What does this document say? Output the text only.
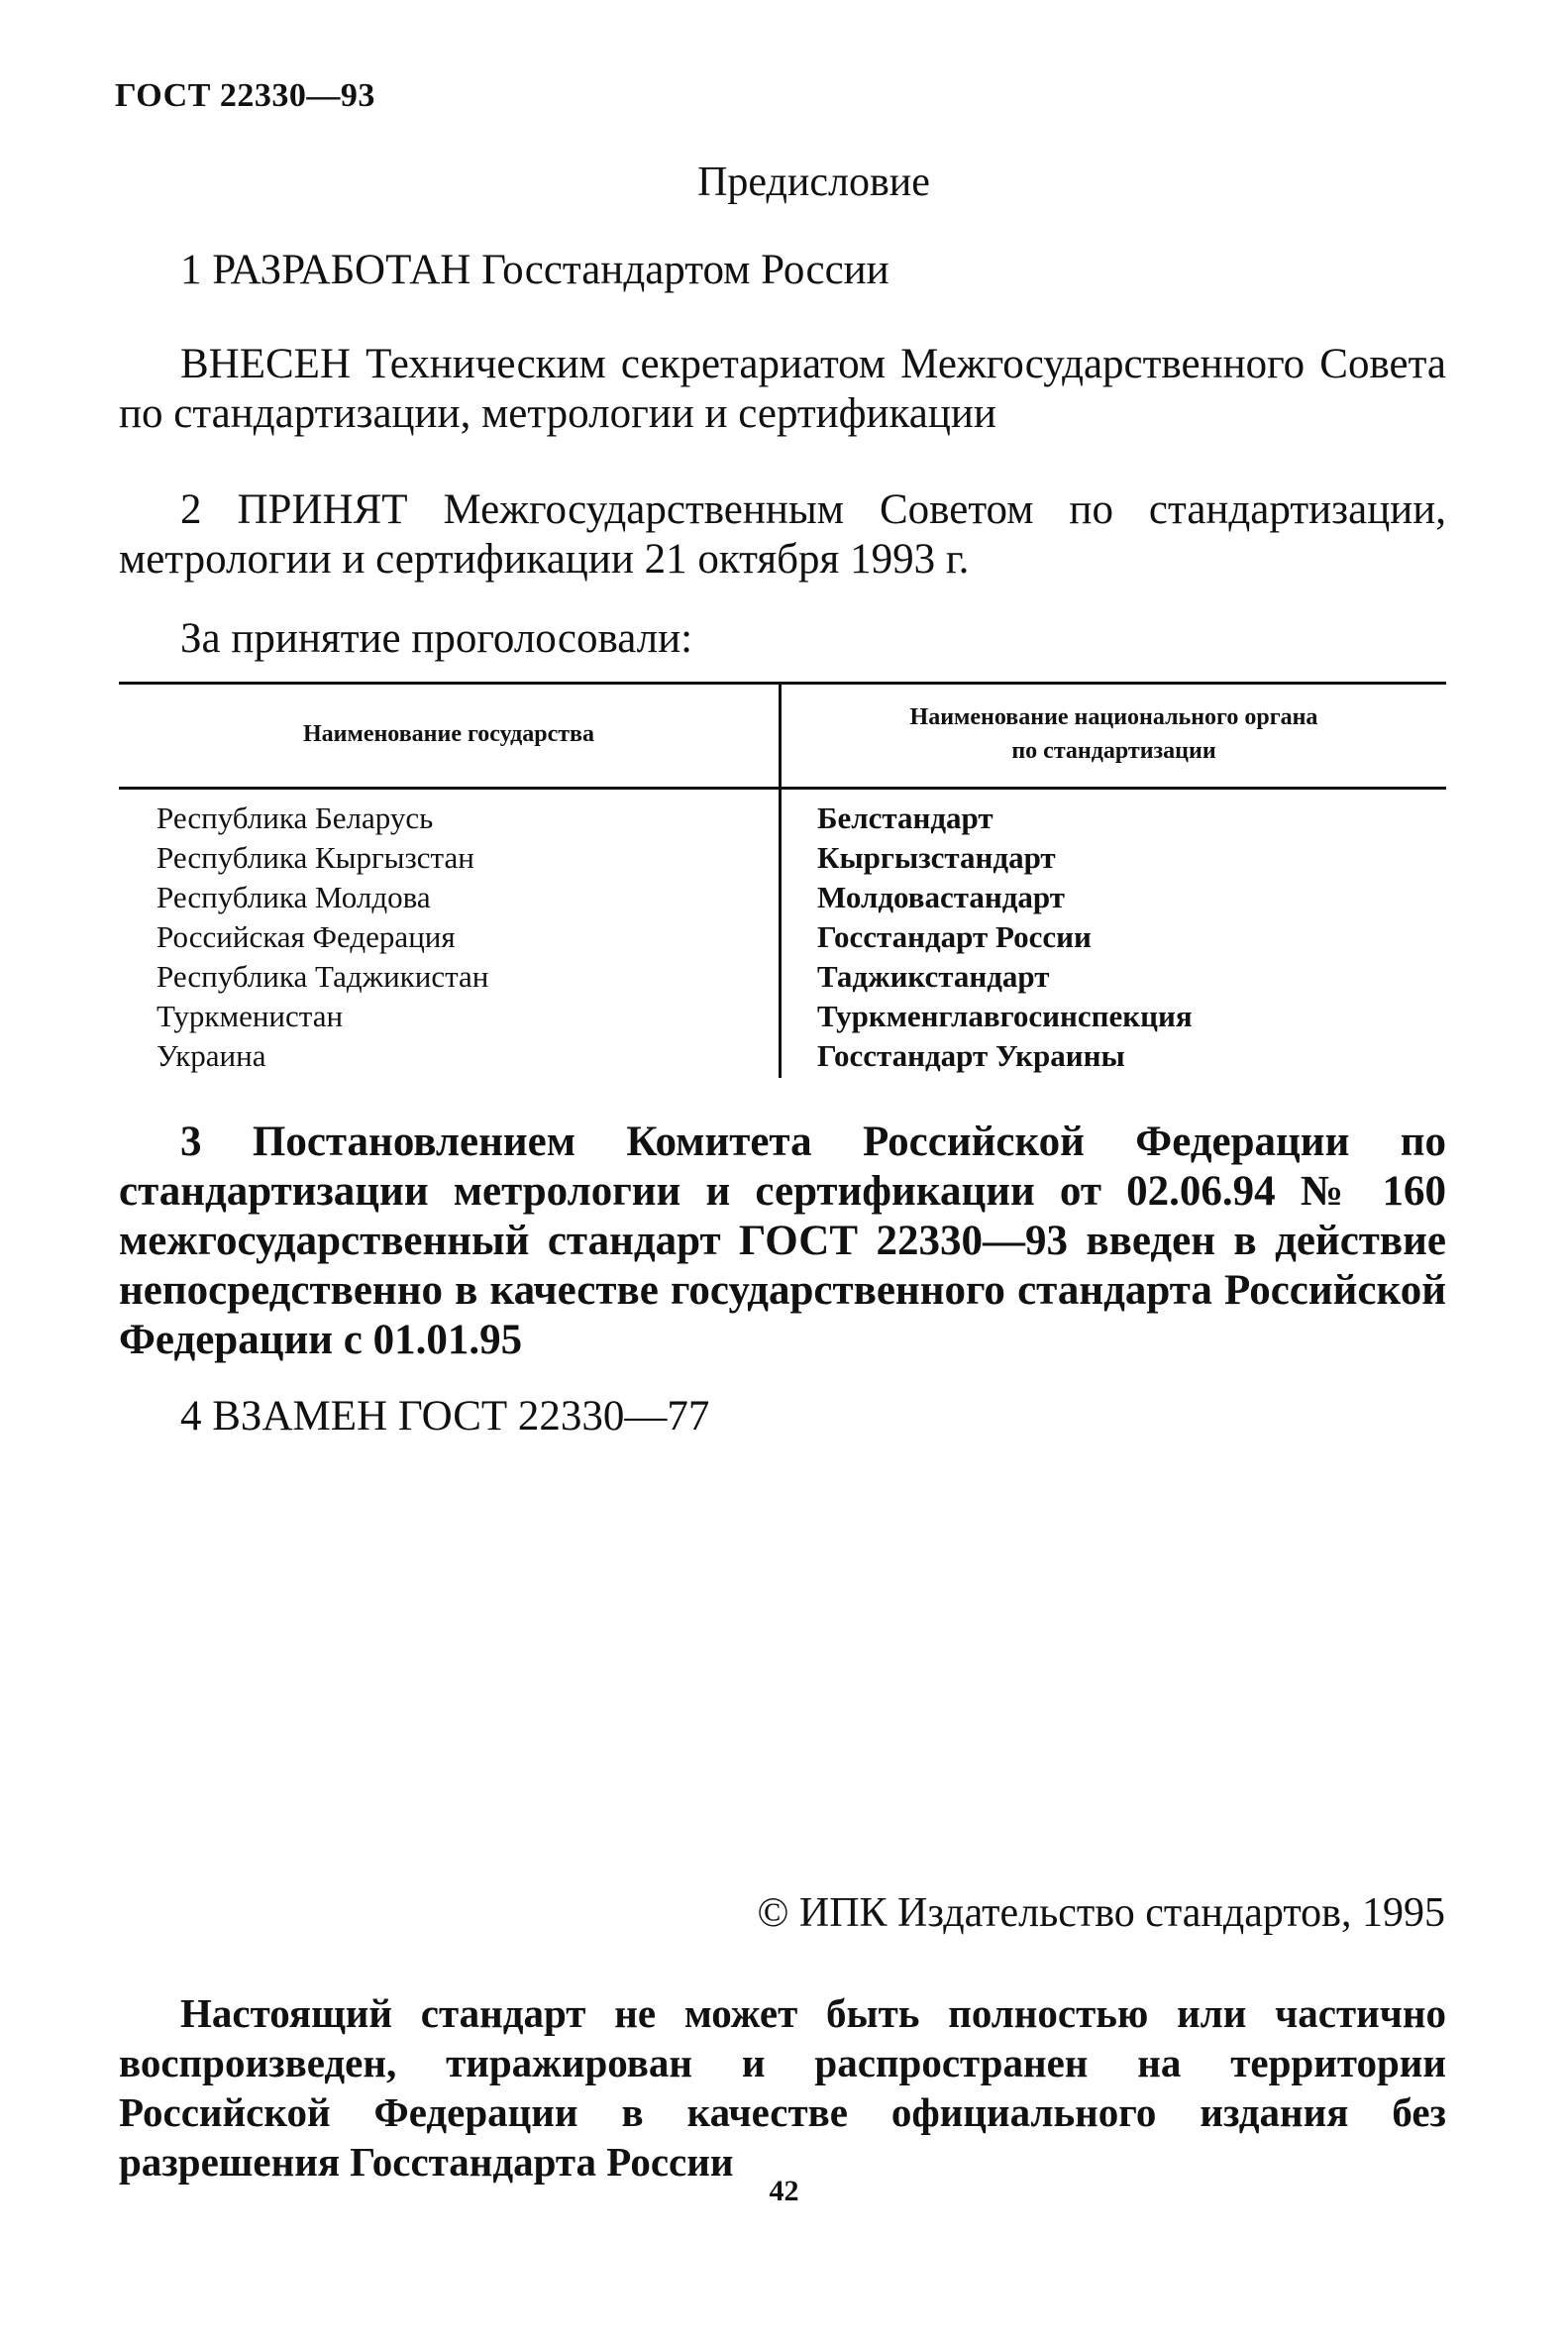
ГОСТ 22330—93
Предисловие
1 РАЗРАБОТАН Госстандартом России
ВНЕСЕН Техническим секретариатом Межгосударственного Совета по стандартизации, метрологии и сертификации
2 ПРИНЯТ Межгосударственным Советом по стандартизации, метрологии и сертификации 21 октября 1993 г.
За принятие проголосовали:
Наименование государства
Наименование национального органа по стандартизации
Республика Беларусь
Республика Кыргызстан
Республика Молдова
Российская Федерация
Республика Таджикистан
Туркменистан
Украина
Белстандарт
Кыргызстандарт
Молдовастандарт
Госстандарт России
Таджикстандарт
Туркменглавгосинспекция
Госстандарт Украины
3 Постановлением Комитета Российской Федерации по стандартизации метрологии и сертификации от 02.06.94 № 160 межгосударственный стандарт ГОСТ 22330—93 введен в действие непосредственно в качестве государственного стандарта Российской Федерации с 01.01.95
4 ВЗАМЕН ГОСТ 22330—77
© ИПК Издательство стандартов, 1995
Настоящий стандарт не может быть полностью или частично воспроизведен, тиражирован и распространен на территории Российской Федерации в качестве официального издания без разрешения Госстандарта России
42
